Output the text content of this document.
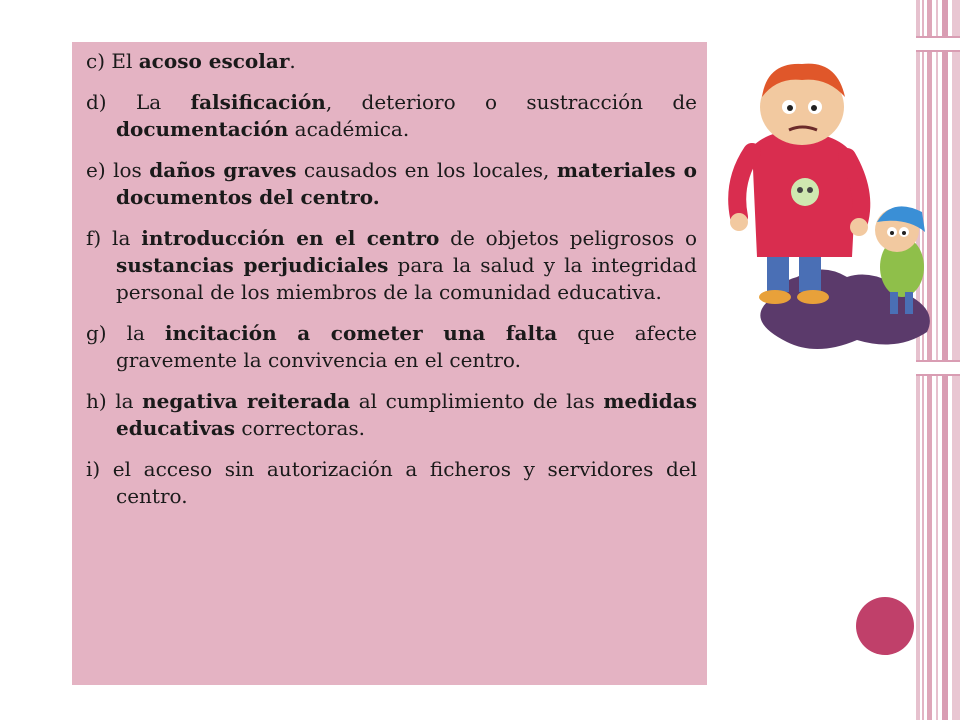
c) El acoso escolar.

d) La falsificación, deterioro o sustracción de documentación académica.

e) los daños graves causados en los locales, materiales o documentos del centro.

f) la introducción en el centro de objetos peligrosos o sustancias perjudiciales para la salud y la integridad personal de los miembros de la comunidad educativa.

g) la incitación a cometer una falta que afecte gravemente la convivencia en el centro.

h) la negativa reiterada al cumplimiento de las medidas educativas correctoras.

i) el acceso sin autorización a ficheros y servidores del centro.
